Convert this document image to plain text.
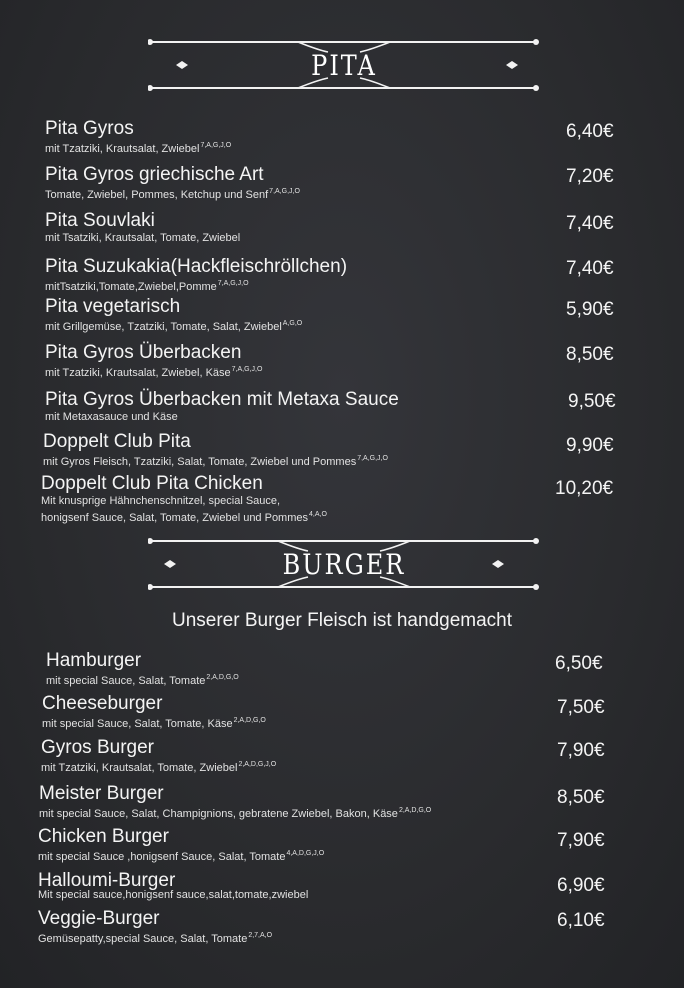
PITA
Pita Gyros
mit Tzatziki, Krautsalat, Zwiebel$^{7,A,G,J,O}$
6,40€
Pita Gyros griechische Art
Tomate, Zwiebel, Pommes, Ketchup und Senf$^{7,A,G,J,O}$
7,20€
Pita Souvlaki
mit Tsatziki, Krautsalat, Tomate, Zwiebel
7,40€
Pita Suzukakia(Hackfleischröllchen)
mitTsatziki,Tomate,Zwiebel,Pomme$^{7,A,G,J,O}$
7,40€
Pita vegetarisch
mit Grillgemüse, Tzatziki, Tomate, Salat, Zwiebel$^{A,G,O}$
5,90€
Pita Gyros Überbacken
mit Tzatziki, Krautsalat, Zwiebel, Käse$^{7,A,G,J,O}$
8,50€
Pita Gyros Überbacken mit Metaxa Sauce
mit Metaxasauce und Käse
9,50€
Doppelt Club Pita
mit Gyros Fleisch, Tzatziki, Salat, Tomate, Zwiebel und Pommes$^{7,A,G,J,O}$
9,90€
Doppelt Club Pita Chicken
Mit knusprige Hähnchenschnitzel, special Sauce,
honigsenf Sauce, Salat, Tomate, Zwiebel und Pommes$^{4,A,O}$
10,20€
BURGER
Unserer Burger Fleisch ist handgemacht
Hamburger
mit special Sauce, Salat, Tomate$^{2,A,D,G,O}$
6,50€
Cheeseburger
mit special Sauce, Salat, Tomate, Käse$^{2,A,D,G,O}$
7,50€
Gyros Burger
mit Tzatziki, Krautsalat, Tomate, Zwiebel$^{2,A,D,G,J,O}$
7,90€
Meister Burger
mit special Sauce, Salat, Champignions, gebratene Zwiebel, Bakon, Käse$^{2,A,D,G,O}$
8,50€
Chicken Burger
mit special Sauce ,honigsenf Sauce, Salat, Tomate$^{4,A,D,G,J,O}$
7,90€
Halloumi-Burger
Mit special sauce,honigsenf sauce,salat,tomate,zwiebel	6,90€
Veggie-Burger
Gemüsepatty,special Sauce, Salat, Tomate$^{2,7,A,O}$
6,10€
